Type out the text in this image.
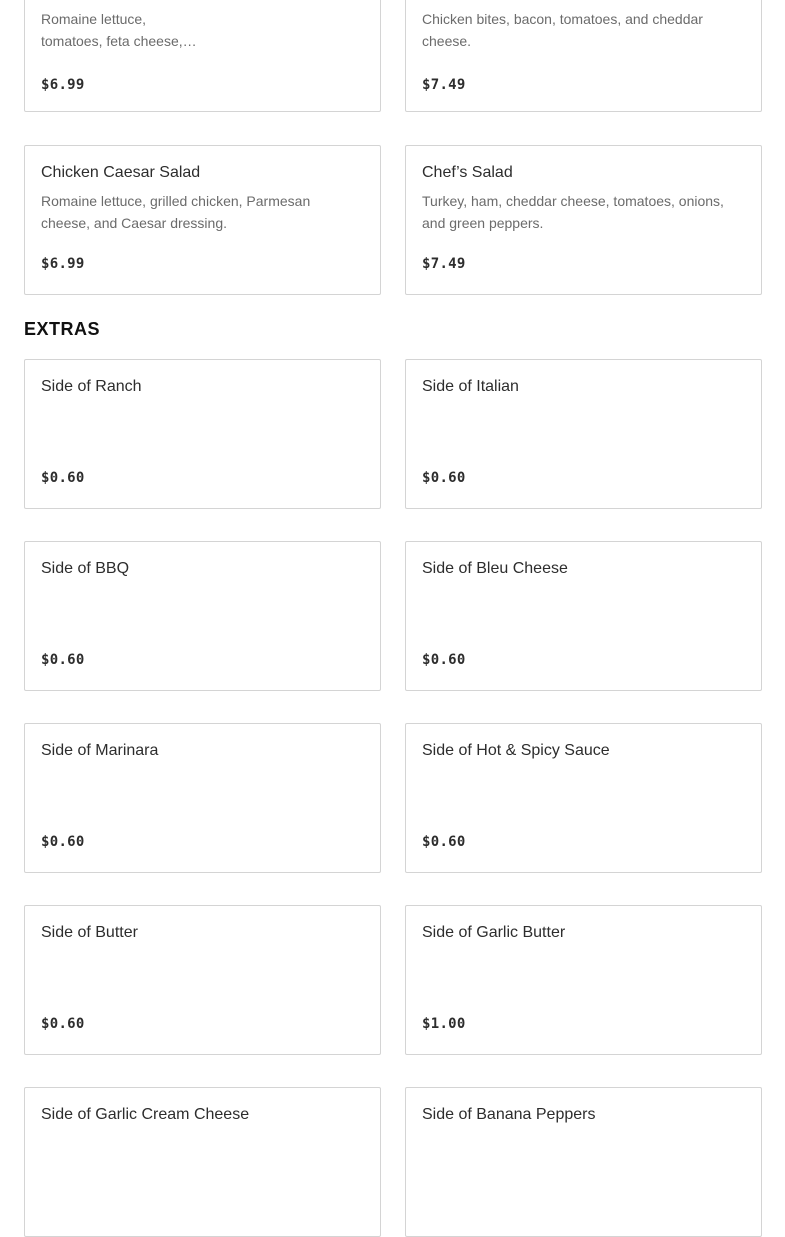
Romaine lettuce, tomatoes, feta cheese,…
$6.99
Chicken bites, bacon, tomatoes, and cheddar cheese.
$7.49
Chicken Caesar Salad
Romaine lettuce, grilled chicken, Parmesan cheese, and Caesar dressing.
$6.99
Chef’s Salad
Turkey, ham, cheddar cheese, tomatoes, onions, and green peppers.
$7.49
EXTRAS
Side of Ranch
$0.60
Side of Italian
$0.60
Side of BBQ
$0.60
Side of Bleu Cheese
$0.60
Side of Marinara
$0.60
Side of Hot & Spicy Sauce
$0.60
Side of Butter
$0.60
Side of Garlic Butter
$1.00
Side of Garlic Cream Cheese	Side of Banana Peppers
